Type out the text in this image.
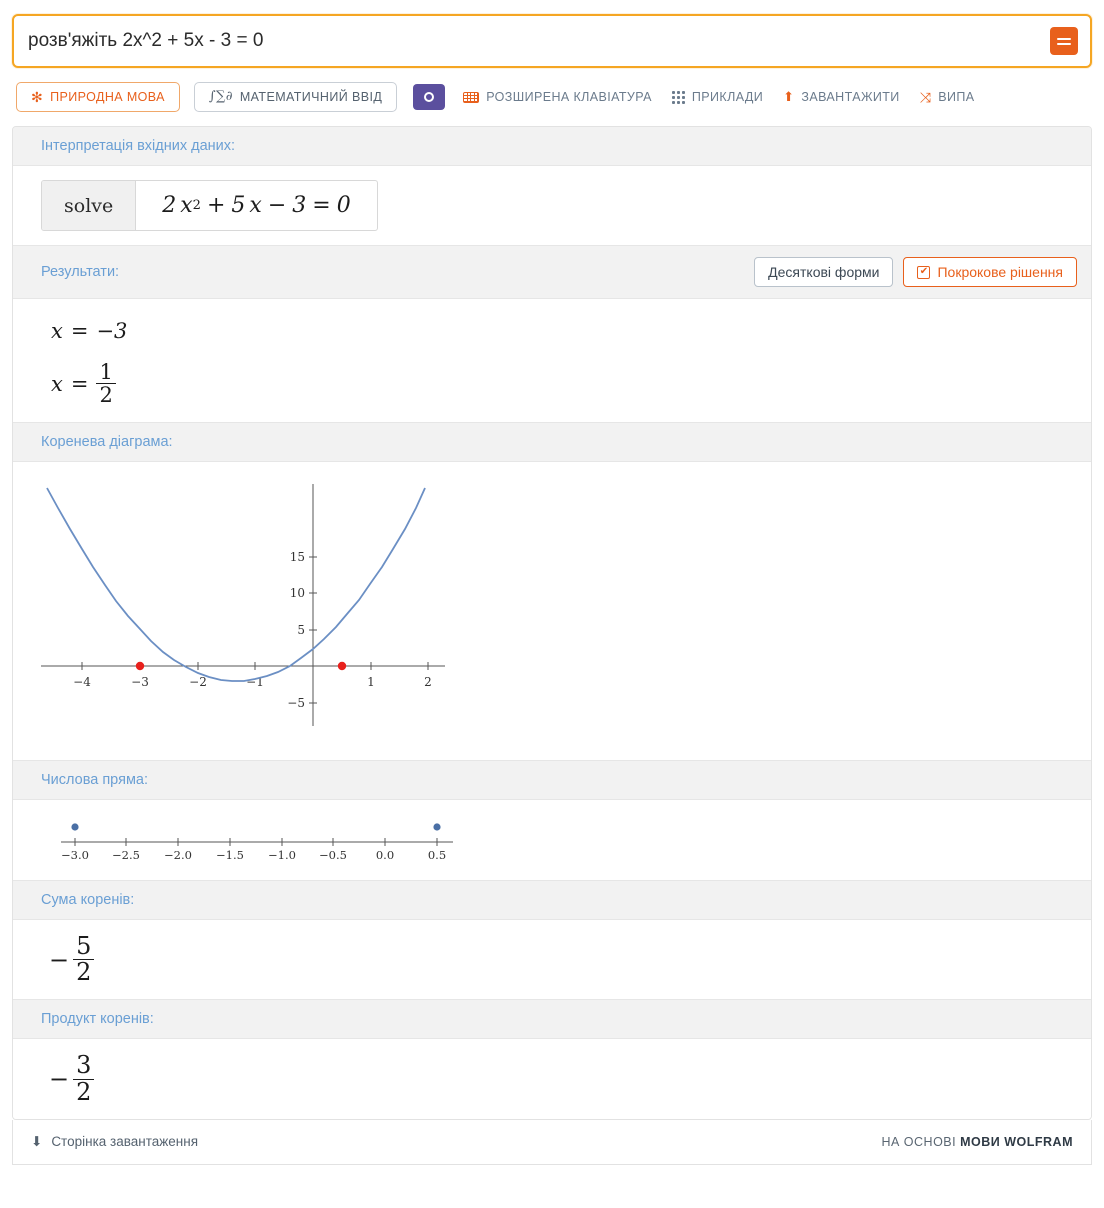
розв'яжіть 2x^2 + 5x - 3 = 0
✻ ПРИРОДНА МОВА	∫∑∂ МАТЕМАТИЧНИЙ ВВІД	РОЗШИРЕНА КЛАВІАТУРА	ПРИКЛАДИ ⬆ ЗАВАНТАЖИТИ ⤨ ВИПА
Інтерпретація вхідних даних:
solve	2 x 2 + 5 x − 3 = 0
Результати:	Десяткові форми	✔ Покрокове рішення
x = −3
$x = \frac{1}{2}$
Коренева діаграма:
−4	−3	−2	−1	1	2
5
10
15
−5
Числова пряма:
−3.0 −2.5 −2.0 −1.5 −1.0 −0.5	0.0	0.5
Сума коренів:
− $\frac{5}{2}$
Продукт коренів:
− $\frac{3}{2}$
⬇ Сторінка завантаження	НА ОСНОВІ МОВИ WOLFRAM
